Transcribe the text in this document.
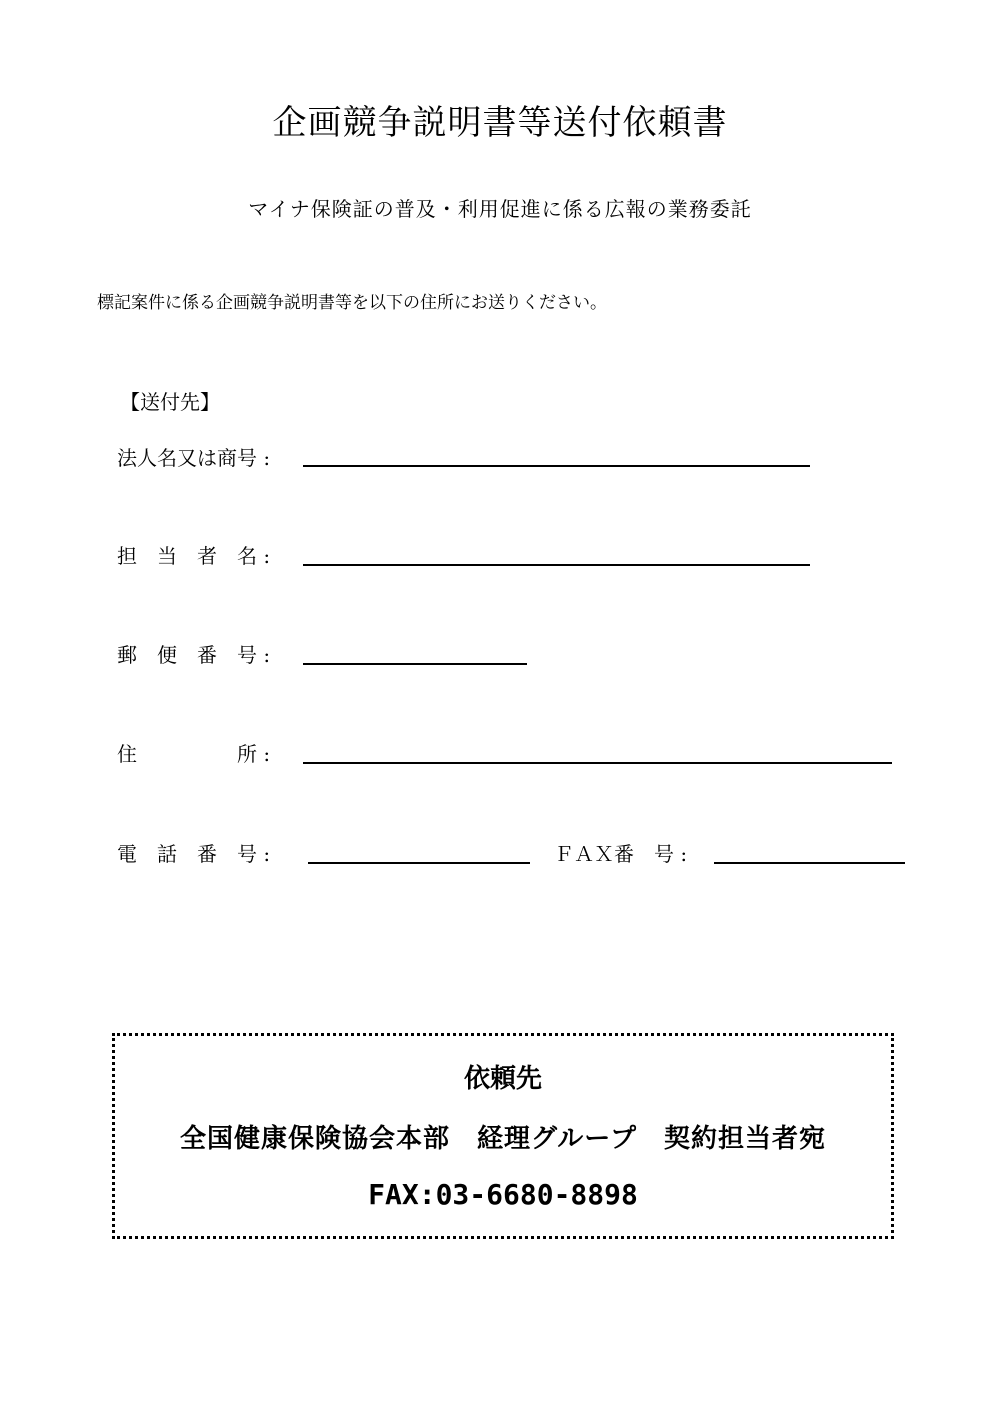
企画競争説明書等送付依頼書
マイナ保険証の普及・利用促進に係る広報の業務委託
標記案件に係る企画競争説明書等を以下の住所にお送りください。
【送付先】
法人名又は商号 :
担　当　者　名 :
郵　便　番　号 :
住　　　　　所 :
電　話　番　号 :	ＦＡＸ番　号 :
依頼先
全国健康保険協会本部　経理グループ　契約担当者宛
FAX:03-6680-8898
